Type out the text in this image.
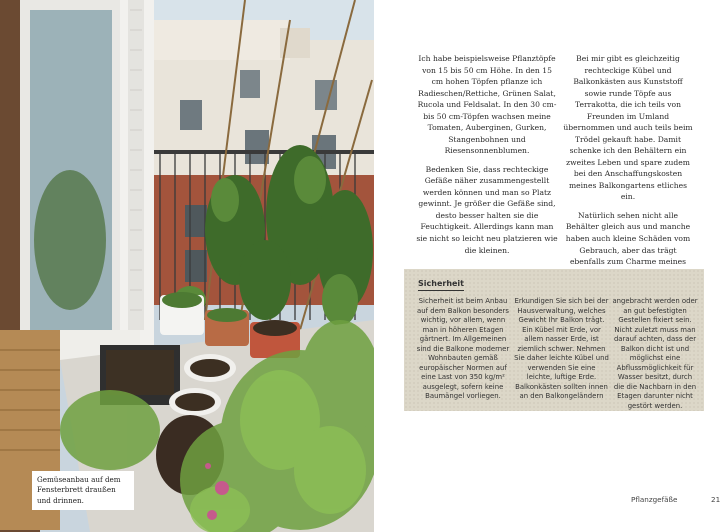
Gemüseanbau auf dem Fensterbrett draußen und drinnen.

Ich habe beispielsweise Pflanztöpfe von 15 bis 50 cm Höhe. In den 15 cm hohen Töpfen pflanze ich Radieschen/Rettiche, Grünen Salat, Rucola und Feldsalat. In den 30 cm- bis 50 cm-Töpfen wachsen meine Tomaten, Auberginen, Gurken, Stangenbohnen und Riesensonnenblumen.

Bedenken Sie, dass rechteckige Gefäße näher zusammengestellt werden können und man so Platz gewinnt. Je größer die Gefäße sind, desto besser halten sie die Feuchtigkeit. Allerdings kann man sie nicht so leicht neu platzieren wie die kleinen.

Bei mir gibt es gleichzeitig rechteckige Kübel und Balkonkästen aus Kunststoff sowie runde Töpfe aus Terrakotta, die ich teils von Freunden im Umland übernommen und auch teils beim Trödel gekauft habe. Damit schenke ich den Behältern ein zweites Leben und spare zudem bei den Anschaffungskosten meines Balkongartens etliches ein.

Natürlich sehen nicht alle Behälter gleich aus und manche haben auch kleine Schäden vom Gebrauch, aber das trägt ebenfalls zum Charme meines

Sicherheit
Sicherheit ist beim Anbau auf dem Balkon besonders wichtig, vor allem, wenn man in höheren Etagen gärtnert. Im Allgemeinen sind die Balkone moderner Wohnbauten gemäß europäischer Normen auf eine Last von 350 kg/m² ausgelegt, sofern keine Baumängel vorliegen.
Erkundigen Sie sich bei der Hausverwaltung, welches Gewicht Ihr Balkon trägt. Ein Kübel mit Erde, vor allem nasser Erde, ist ziemlich schwer. Nehmen Sie daher leichte Kübel und verwenden Sie eine leichte, luftige Erde. Balkonkästen sollten innen an den Balkongeländern
angebracht werden oder an gut befestigten Gestellen fixiert sein. Nicht zuletzt muss man darauf achten, dass der Balkon dicht ist und möglichst eine Abflussmöglichkeit für Wasser besitzt, durch die die Nachbarn in den Etagen darunter nicht gestört werden.
Pflanzgefäße	21
